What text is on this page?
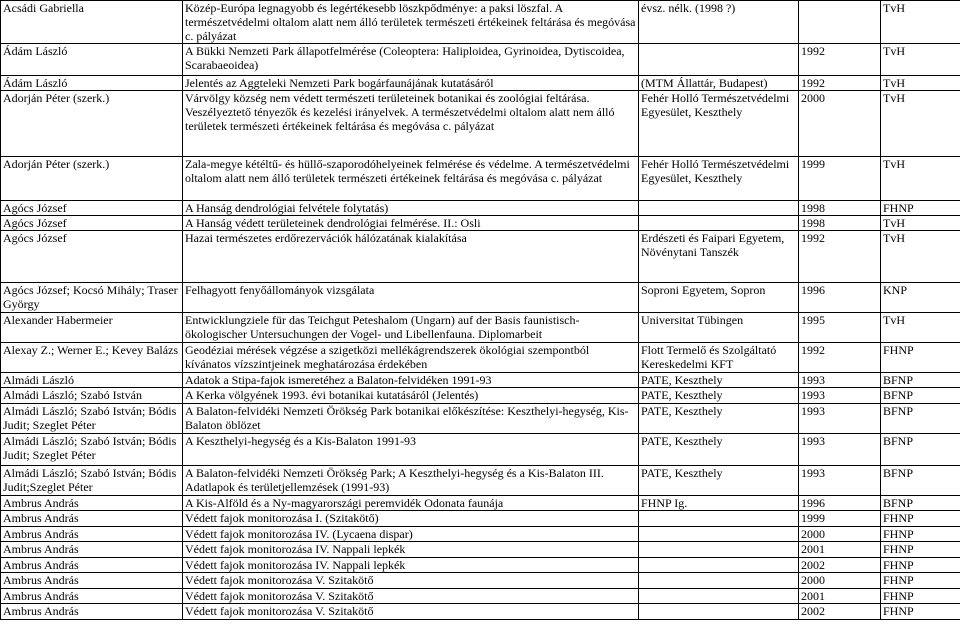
Acsádi Gabriella	Közép-Európa legnagyobb és legértékesebb löszkpődménye: a paksi löszfal. A természetvédelmi oltalom alatt nem álló területek természeti értékeinek feltárása és megóvása c. pályázat	évsz. nélk. (1998 ?)		TvH
Ádám László	A Bükki Nemzeti Park állapotfelmérése (Coleoptera: Haliploidea, Gyrinoidea, Dytiscoidea, Scarabaeoidea)		1992	TvH
Ádám László	Jelentés az Aggteleki Nemzeti Park bogárfaunájának kutatásáról	(MTM Állattár, Budapest)	1992	TvH
Adorján Péter (szerk.)	Várvölgy község nem védett természeti területeinek botanikai és zoológiai feltárása. Veszélyeztető tényezők és kezelési irányelvek. A természetvédelmi oltalom alatt nem álló területek természeti értékeinek feltárása és megóvása c. pályázat	Fehér Holló Természetvédelmi Egyesület, Keszthely	2000	TvH
Adorján Péter (szerk.)	Zala-megye kétéltű- és hüllő-szaporodóhelyeinek felmérése és védelme. A természetvédelmi oltalom alatt nem álló területek természeti értékeinek feltárása és megóvása c. pályázat	Fehér Holló Természetvédelmi Egyesület, Keszthely	1999	TvH
Agócs József	A Hanság dendrológiai felvétele folytatás)		1998	FHNP
Agócs József	A Hanság védett területeinek dendrológiai felmérése. II.: Osli		1998	TvH
Agócs József	Hazai természetes erdőrezervációk hálózatának kialakítása	Erdészeti és Faipari Egyetem, Növénytani Tanszék	1992	TvH
Agócs József; Kocsó Mihály; Traser György	Felhagyott fenyőállományok vizsgálata	Soproni Egyetem, Sopron	1996	KNP
Alexander Habermeier	Entwicklungziele für das Teichgut Peteshalom (Ungarn) auf der Basis faunistisch-ökologischer Untersuchungen der Vogel- und Libellenfauna. Diplomarbeit	Universitat Tübingen	1995	TvH
Alexay Z.; Werner E.; Kevey Balázs	Geodéziai mérések végzése a szigetközi mellékágrendszerek ökológiai szempontból kívánatos vízszintjeinek meghatározása érdekében	Flott Termelő és Szolgáltató Kereskedelmi KFT	1992	FHNP
Almádi László	Adatok a Stipa-fajok ismeretéhez a Balaton-felvidéken 1991-93	PATE, Keszthely	1993	BFNP
Almádi László; Szabó István	A Kerka völgyének 1993. évi botanikai kutatásáról (Jelentés)	PATE, Keszthely	1993	BFNP
Almádi László; Szabó István; Bódis Judit; Szeglet Péter	A Balaton-felvidéki Nemzeti Örökség Park botanikai előkészítése: Keszthelyi-hegység, Kis-Balaton öblözet	PATE, Keszthely	1993	BFNP
Almádi László; Szabó István; Bódis Judit; Szeglet Péter	A Keszthelyi-hegység és a Kis-Balaton 1991-93	PATE, Keszthely	1993	BFNP
Almádi László; Szabó István; Bódis Judit;Szeglet Péter	A Balaton-felvidéki Nemzeti Örökség Park; A Keszthelyi-hegység és a Kis-Balaton III. Adatlapok és területjellemzések (1991-93)	PATE, Keszthely	1993	BFNP
Ambrus András	A Kis-Alföld és a Ny-magyarországi peremvidék Odonata faunája	FHNP Ig.	1996	BFNP
Ambrus András	Védett fajok monitorozása I. (Szitakötő)		1999	FHNP
Ambrus András	Védett fajok monitorozása IV. (Lycaena dispar)		2000	FHNP
Ambrus András	Védett fajok monitorozása IV. Nappali lepkék		2001	FHNP
Ambrus András	Védett fajok monitorozása IV. Nappali lepkék		2002	FHNP
Ambrus András	Védett fajok monitorozása V. Szitakötő		2000	FHNP
Ambrus András	Védett fajok monitorozása V. Szitakötő		2001	FHNP
Ambrus András	Védett fajok monitorozása V. Szitakötő		2002	FHNP
